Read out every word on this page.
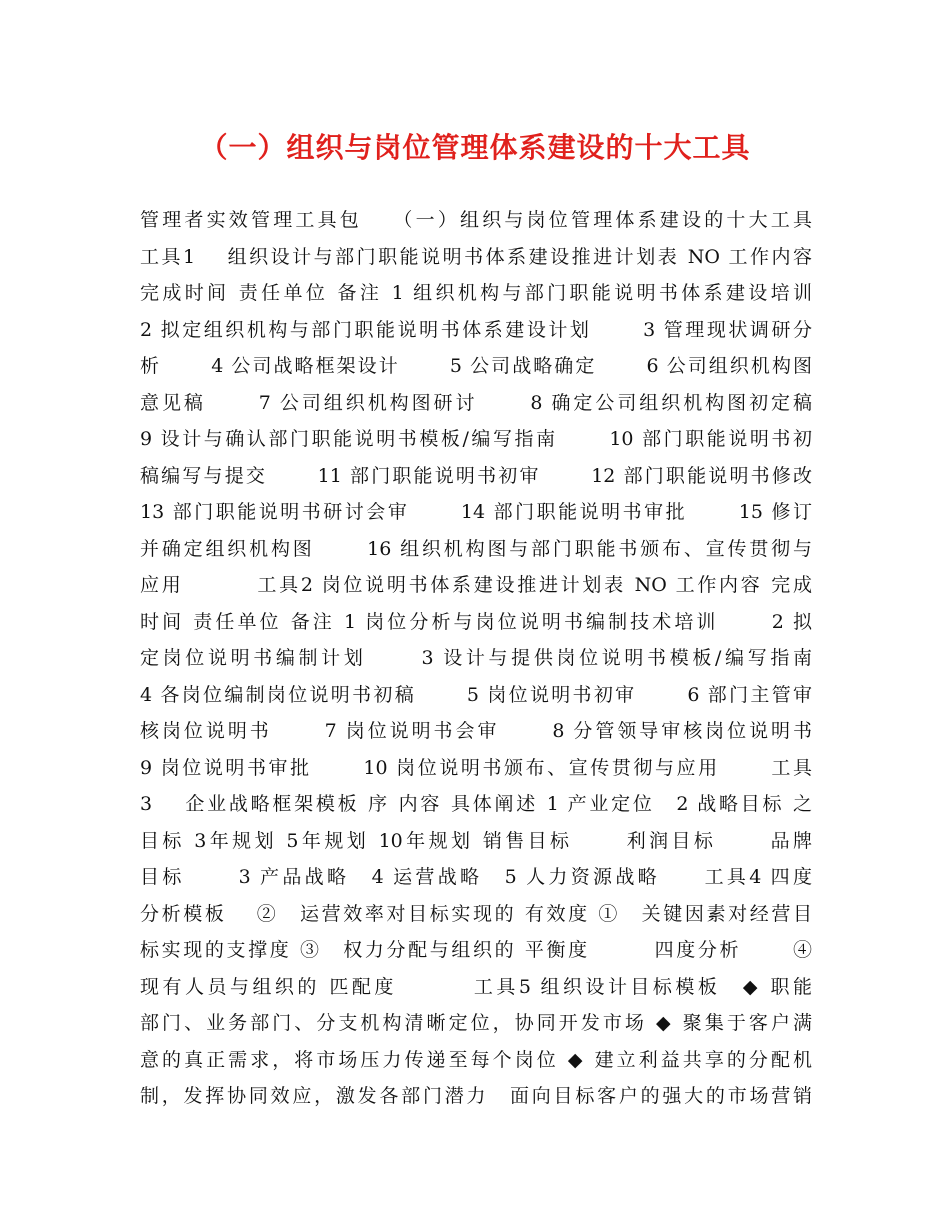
（一）组织与岗位管理体系建设的十大工具
管理者实效管理工具包　 （一）组织与岗位管理体系建设的十大工具
工具1　 组织设计与部门职能说明书体系建设推进计划表 NO 工作内容
完成时间 责任单位 备注 1 组织机构与部门职能说明书体系建设培训
2 拟定组织机构与部门职能说明书体系建设计划　　 3 管理现状调研分
析　　 4 公司战略框架设计　　 5 公司战略确定　　 6 公司组织机构图
意见稿　　 7 公司组织机构图研讨　　 8 确定公司组织机构图初定稿
9 设计与确认部门职能说明书模板/编写指南　　 10 部门职能说明书初
稿编写与提交　　 11 部门职能说明书初审　　 12 部门职能说明书修改
13 部门职能说明书研讨会审　　 14 部门职能说明书审批　　 15 修订
并确定组织机构图　　 16 组织机构图与部门职能书颁布、宣传贯彻与
应用　　　 工具2 岗位说明书体系建设推进计划表 NO 工作内容 完成
时间 责任单位 备注 1 岗位分析与岗位说明书编制技术培训　　 2 拟
定岗位说明书编制计划　　 3 设计与提供岗位说明书模板/编写指南
4 各岗位编制岗位说明书初稿　　 5 岗位说明书初审　　 6 部门主管审
核岗位说明书　　 7 岗位说明书会审　　 8 分管领导审核岗位说明书
9 岗位说明书审批　　 10 岗位说明书颁布、宣传贯彻与应用　　 工具
3　 企业战略框架模板 序 内容 具体阐述 1 产业定位　2 战略目标 之
目标 3年规划 5年规划 10年规划 销售目标　　 利润目标　　 品牌
目标　　 3 产品战略　4 运营战略　5 人力资源战略　　工具4 四度
分析模板　 ②　运营效率对目标实现的 有效度 ①　关键因素对经营目
标实现的支撑度 ③　权力分配与组织的 平衡度　　　四度分析　　 ④
现有人员与组织的 匹配度　　　 工具5 组织设计目标模板　◆ 职能
部门、业务部门、分支机构清晰定位，协同开发市场 ◆ 聚集于客户满
意的真正需求，将市场压力传递至每个岗位 ◆ 建立利益共享的分配机
制，发挥协同效应，激发各部门潜力　面向目标客户的强大的市场营销
